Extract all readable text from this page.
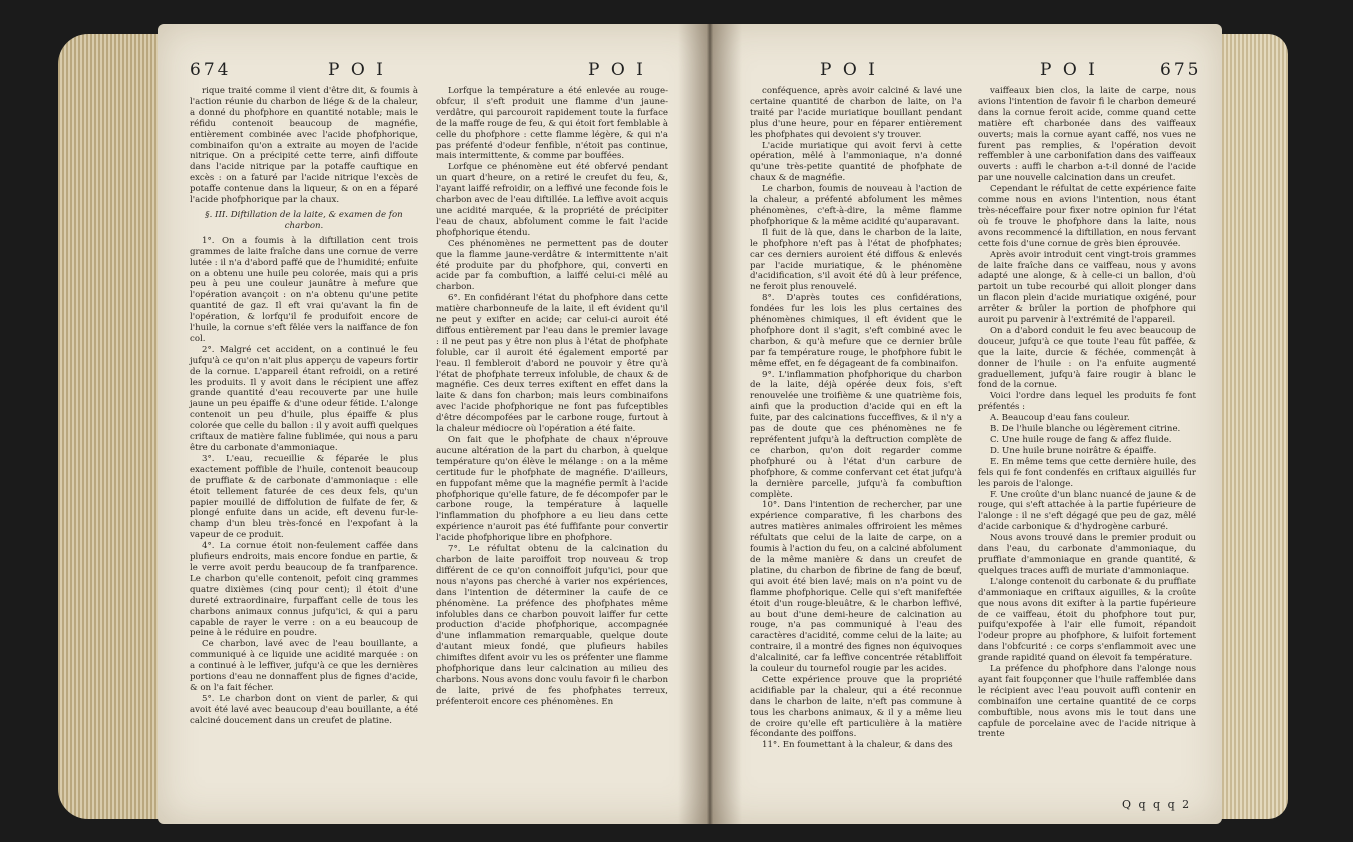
674	P O I	P O I

rique traité comme il vient d'être dit, & foumis à l'action réunie du charbon de liége & de la chaleur, a donné du phofphore en quantité notable; mais le réfidu contenoit beaucoup de magnéfie, entièrement combinée avec l'acide phofphorique, combinaifon qu'on a extraite au moyen de l'acide nitrique. On a précipité cette terre, ainfi diffoute dans l'acide nitrique par la potaffe cauftique en excès : on a faturé par l'acide nitrique l'excès de potaffe contenue dans la liqueur, & on en a féparé l'acide phofphorique par la chaux.

§. III. Diftillation de la laite, & examen de fon charbon.

1°. On a foumis à la diftillation cent trois grammes de laite fraîche dans une cornue de verre lutée : il n'a d'abord paffé que de l'humidité; enfuite on a obtenu une huile peu colorée, mais qui a pris peu à peu une couleur jaunâtre à mefure que l'opération avançoit : on n'a obtenu qu'une petite quantité de gaz. Il eft vrai qu'avant la fin de l'opération, & lorfqu'il fe produifoit encore de l'huile, la cornue s'eft fêlée vers la naiffance de fon col.

2°. Malgré cet accident, on a continué le feu jufqu'à ce qu'on n'ait plus apperçu de vapeurs fortir de la cornue. L'appareil étant refroidi, on a retiré les produits. Il y avoit dans le récipient une affez grande quantité d'eau recouverte par une huile jaune un peu épaiffe & d'une odeur fétide. L'alonge contenoit un peu d'huile, plus épaiffe & plus colorée que celle du ballon : il y avoit auffi quelques criftaux de matière faline fublimée, qui nous a paru être du carbonate d'ammoniaque.

3°. L'eau, recueillie & féparée le plus exactement poffible de l'huile, contenoit beaucoup de pruffiate & de carbonate d'ammoniaque : elle étoit tellement faturée de ces deux fels, qu'un papier mouillé de diffolution de fulfate de fer, & plongé enfuite dans un acide, eft devenu fur-le-champ d'un bleu très-foncé en l'expofant à la vapeur de ce produit.

4°. La cornue étoit non-feulement caffée dans plufieurs endroits, mais encore fondue en partie, & le verre avoit perdu beaucoup de fa tranfparence. Le charbon qu'elle contenoit, pefoit cinq grammes quatre dixièmes (cinq pour cent); il étoit d'une dureté extraordinaire, furpaffant celle de tous les charbons animaux connus jufqu'ici, & qui a paru capable de rayer le verre : on a eu beaucoup de peine à le réduire en poudre.

Ce charbon, lavé avec de l'eau bouillante, a communiqué à ce liquide une acidité marquée : on a continué à le leffiver, jufqu'à ce que les dernières portions d'eau ne donnaffent plus de fignes d'acide, & on l'a fait fécher.

5°. Le charbon dont on vient de parler, & qui avoit été lavé avec beaucoup d'eau bouillante, a été calciné doucement dans un creufet de platine.

Lorfque la température a été enlevée au rouge-obfcur, il s'eft produit une flamme d'un jaune-verdâtre, qui parcouroit rapidement toute la furface de la maffe rouge de feu, & qui étoit fort femblable à celle du phofphore : cette flamme légère, & qui n'a pas préfenté d'odeur fenfible, n'étoit pas continue, mais intermittente, & comme par bouffées.

Lorfque ce phénomène eut été obfervé pendant un quart d'heure, on a retiré le creufet du feu, &, l'ayant laiffé refroidir, on a leffivé une feconde fois le charbon avec de l'eau diftillée. La leffive avoit acquis une acidité marquée, & la propriété de précipiter l'eau de chaux, abfolument comme le fait l'acide phofphorique étendu.

Ces phénomènes ne permettent pas de douter que la flamme jaune-verdâtre & intermittente n'ait été produite par du phofphore, qui, converti en acide par fa combuftion, a laiffé celui-ci mêlé au charbon.

6°. En confidérant l'état du phofphore dans cette matière charbonneufe de la laite, il eft évident qu'il ne peut y exifter en acide; car celui-ci auroit été diffous entièrement par l'eau dans le premier lavage : il ne peut pas y être non plus à l'état de phofphate foluble, car il auroit été également emporté par l'eau. Il fembleroit d'abord ne pouvoir y être qu'à l'état de phofphate terreux infoluble, de chaux & de magnéfie. Ces deux terres exiftent en effet dans la laite & dans fon charbon; mais leurs combinaifons avec l'acide phofphorique ne font pas fufceptibles d'être décompofées par le carbone rouge, furtout à la chaleur médiocre où l'opération a été faite.

On fait que le phofphate de chaux n'éprouve aucune altération de la part du charbon, à quelque température qu'on élève le mélange : on a la même certitude fur le phofphate de magnéfie. D'ailleurs, en fuppofant même que la magnéfie permît à l'acide phofphorique qu'elle fature, de fe décompofer par le carbone rouge, la température à laquelle l'inflammation du phofphore a eu lieu dans cette expérience n'auroit pas été fuffifante pour convertir l'acide phofphorique libre en phofphore.

7°. Le réfultat obtenu de la calcination du charbon de laite paroiffoit trop nouveau & trop différent de ce qu'on connoiffoit jufqu'ici, pour que nous n'ayons pas cherché à varier nos expériences, dans l'intention de déterminer la caufe de ce phénomène. La préfence des phofphates même infolubles dans ce charbon pouvoit laiffer fur cette production d'acide phofphorique, accompagnée d'une inflammation remarquable, quelque doute d'autant mieux fondé, que plufieurs habiles chimiftes difent avoir vu les os préfenter une flamme phofphorique dans leur calcination au milieu des charbons. Nous avons donc voulu favoir fi le charbon de laite, privé de fes phofphates terreux, préfenteroit encore ces phénomènes. En

P O I	P O I	675

conféquence, après avoir calciné & lavé une certaine quantité de charbon de laite, on l'a traité par l'acide muriatique bouillant pendant plus d'une heure, pour en féparer entièrement les phofphates qui devoient s'y trouver.

L'acide muriatique qui avoit fervi à cette opération, mêlé à l'ammoniaque, n'a donné qu'une très-petite quantité de phofphate de chaux & de magnéfie.

Le charbon, foumis de nouveau à l'action de la chaleur, a préfenté abfolument les mêmes phénomènes, c'eft-à-dire, la même flamme phofphorique & la même acidité qu'auparavant.

Il fuit de là que, dans le charbon de la laite, le phofphore n'eft pas à l'état de phofphates; car ces derniers auroient été diffous & enlevés par l'acide muriatique, & le phénomène d'acidification, s'il avoit été dû à leur préfence, ne feroit plus renouvelé.

8°. D'après toutes ces confidérations, fondées fur les lois les plus certaines des phénomènes chimiques, il eft évident que le phofphore dont il s'agit, s'eft combiné avec le charbon, & qu'à mefure que ce dernier brûle par fa température rouge, le phofphore fubit le même effet, en fe dégageant de fa combinaifon.

9°. L'inflammation phofphorique du charbon de la laite, déjà opérée deux fois, s'eft renouvelée une troifième & une quatrième fois, ainfi que la production d'acide qui en eft la fuite, par des calcinations fucceffives, & il n'y a pas de doute que ces phénomènes ne fe repréfentent jufqu'à la deftruction complète de ce charbon, qu'on doit regarder comme phofphuré ou à l'état d'un carbure de phofphore, & comme confervant cet état jufqu'à la dernière parcelle, jufqu'à fa combuftion complète.

10°. Dans l'intention de rechercher, par une expérience comparative, fi les charbons des autres matières animales offriroient les mêmes réfultats que celui de la laite de carpe, on a foumis à l'action du feu, on a calciné abfolument de la même manière & dans un creufet de platine, du charbon de fibrine de fang de bœuf, qui avoit été bien lavé; mais on n'a point vu de flamme phofphorique. Celle qui s'eft manifeftée étoit d'un rouge-bleuâtre, & le charbon leffivé, au bout d'une demi-heure de calcination au rouge, n'a pas communiqué à l'eau des caractères d'acidité, comme celui de la laite; au contraire, il a montré des fignes non équivoques d'alcalinité, car fa leffive concentrée rétabliffoit la couleur du tournefol rougie par les acides.

Cette expérience prouve que la propriété acidifiable par la chaleur, qui a été reconnue dans le charbon de laite, n'eft pas commune à tous les charbons animaux, & il y a même lieu de croire qu'elle eft particulière à la matière fécondante des poiffons.

11°. En foumettant à la chaleur, & dans des

vaiffeaux bien clos, la laite de carpe, nous avions l'intention de favoir fi le charbon demeuré dans la cornue feroit acide, comme quand cette matière eft charbonée dans des vaiffeaux ouverts; mais la cornue ayant caffé, nos vues ne furent pas remplies, & l'opération devoit reffembler à une carbonifation dans des vaiffeaux ouverts : auffi le charbon a-t-il donné de l'acide par une nouvelle calcination dans un creufet.

Cependant le réfultat de cette expérience faite comme nous en avions l'intention, nous étant très-néceffaire pour fixer notre opinion fur l'état où fe trouve le phofphore dans la laite, nous avons recommencé la diftillation, en nous fervant cette fois d'une cornue de grès bien éprouvée.

Après avoir introduit cent vingt-trois grammes de laite fraîche dans ce vaiffeau, nous y avons adapté une alonge, & à celle-ci un ballon, d'où partoit un tube recourbé qui alloit plonger dans un flacon plein d'acide muriatique oxigéné, pour arrêter & brûler la portion de phofphore qui auroit pu parvenir à l'extrémité de l'appareil.

On a d'abord conduit le feu avec beaucoup de douceur, jufqu'à ce que toute l'eau fût paffée, & que la laite, durcie & féchée, commençât à donner de l'huile : on l'a enfuite augmenté graduellement, jufqu'à faire rougir à blanc le fond de la cornue.

Voici l'ordre dans lequel les produits fe font préfentés :

A. Beaucoup d'eau fans couleur.

B. De l'huile blanche ou légèrement citrine.

C. Une huile rouge de fang & affez fluide.

D. Une huile brune noirâtre & épaiffe.

E. En même tems que cette dernière huile, des fels qui fe font condenfés en criftaux aiguillés fur les parois de l'alonge.

F. Une croûte d'un blanc nuancé de jaune & de rouge, qui s'eft attachée à la partie fupérieure de l'alonge : il ne s'eft dégagé que peu de gaz, mêlé d'acide carbonique & d'hydrogène carburé.

Nous avons trouvé dans le premier produit ou dans l'eau, du carbonate d'ammoniaque, du pruffiate d'ammoniaque en grande quantité, & quelques traces auffi de muriate d'ammoniaque.

L'alonge contenoit du carbonate & du pruffiate d'ammoniaque en criftaux aiguilles, & la croûte que nous avons dit exifter à la partie fupérieure de ce vaiffeau, étoit du phofphore tout pur, puifqu'expofée à l'air elle fumoit, répandoit l'odeur propre au phofphore, & luifoit fortement dans l'obfcurité : ce corps s'enflammoit avec une grande rapidité quand on élevoit fa température.

La préfence du phofphore dans l'alonge nous ayant fait foupçonner que l'huile raffemblée dans le récipient avec l'eau pouvoit auffi contenir en combinaifon une certaine quantité de ce corps combuftible, nous avons mis le tout dans une capfule de porcelaine avec de l'acide nitrique à trente

Q q q q 2
